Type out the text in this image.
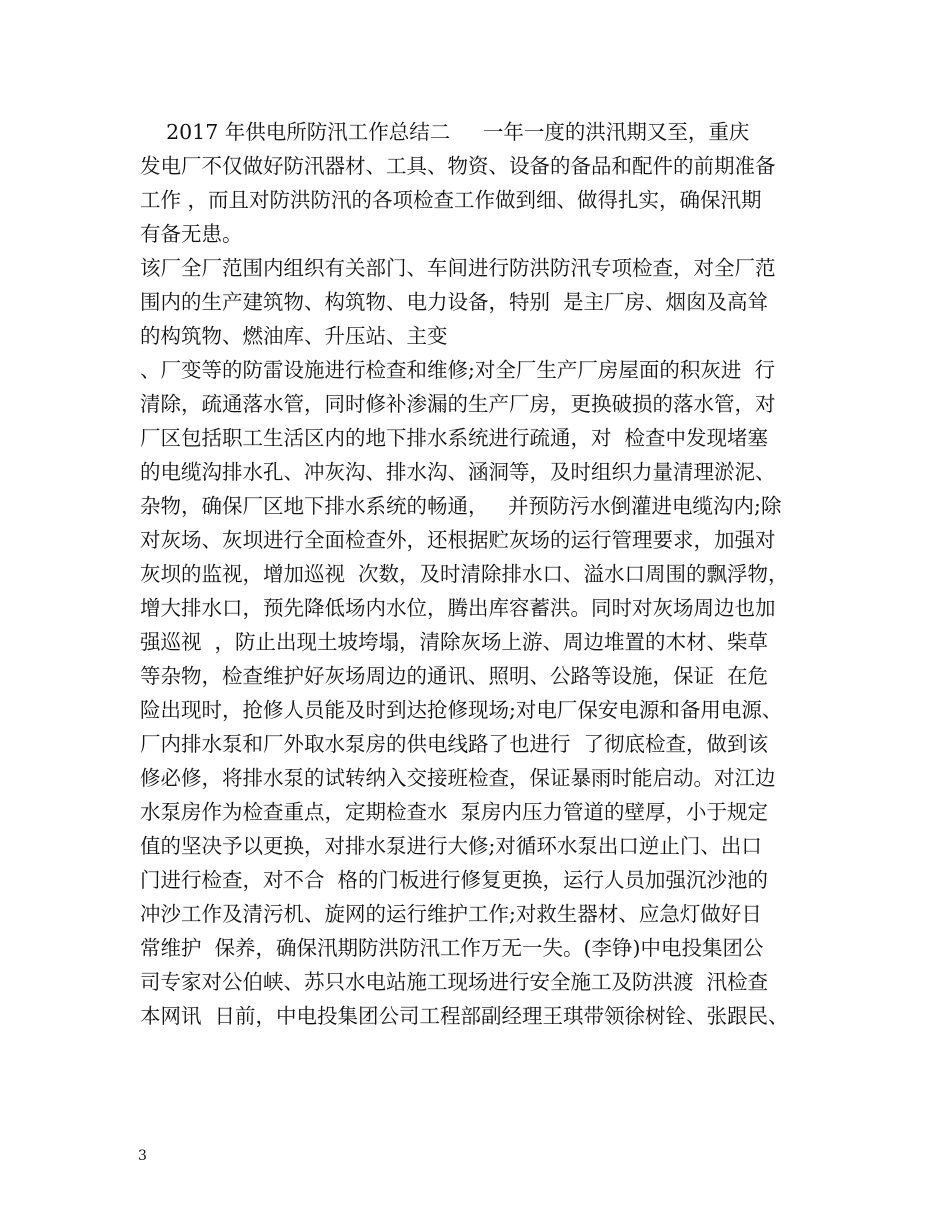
2017 年供电所防汛工作总结二     一年一度的洪汛期又至，重庆
发电厂不仅做好防汛器材、工具、物资、设备的备品和配件的前期准备
工作 ，而且对防洪防汛的各项检查工作做到细、做得扎实，确保汛期
有备无患。
该厂全厂范围内组织有关部门、车间进行防洪防汛专项检查，对全厂范
围内的生产建筑物、构筑物、电力设备，特别  是主厂房、烟囱及高耸
的构筑物、燃油库、升压站、主变
、厂变等的防雷设施进行检查和维修;对全厂生产厂房屋面的积灰进  行
清除，疏通落水管，同时修补渗漏的生产厂房，更换破损的落水管，对
厂区包括职工生活区内的地下排水系统进行疏通，对  检查中发现堵塞
的电缆沟排水孔、冲灰沟、排水沟、涵洞等，及时组织力量清理淤泥、
杂物，确保厂区地下排水系统的畅通，   并预防污水倒灌进电缆沟内;除
对灰场、灰坝进行全面检查外，还根据贮灰场的运行管理要求，加强对
灰坝的监视，增加巡视  次数，及时清除排水口、溢水口周围的飘浮物，
增大排水口，预先降低场内水位，腾出库容蓄洪。同时对灰场周边也加
强巡视  ，防止出现土坡垮塌，清除灰场上游、周边堆置的木材、柴草
等杂物，检查维护好灰场周边的通讯、照明、公路等设施，保证  在危
险出现时，抢修人员能及时到达抢修现场;对电厂保安电源和备用电源、
厂内排水泵和厂外取水泵房的供电线路了也进行  了彻底检查，做到该
修必修，将排水泵的试转纳入交接班检查，保证暴雨时能启动。对江边
水泵房作为检查重点，定期检查水  泵房内压力管道的壁厚，小于规定
值的坚决予以更换，对排水泵进行大修;对循环水泵出口逆止门、出口
门进行检查，对不合  格的门板进行修复更换，运行人员加强沉沙池的
冲沙工作及清污机、旋网的运行维护工作;对救生器材、应急灯做好日
常维护  保养，确保汛期防洪防汛工作万无一失。(李铮)中电投集团公
司专家对公伯峡、苏只水电站施工现场进行安全施工及防洪渡  汛检查
本网讯  日前，中电投集团公司工程部副经理王琪带领徐树铨、张跟民、
3
